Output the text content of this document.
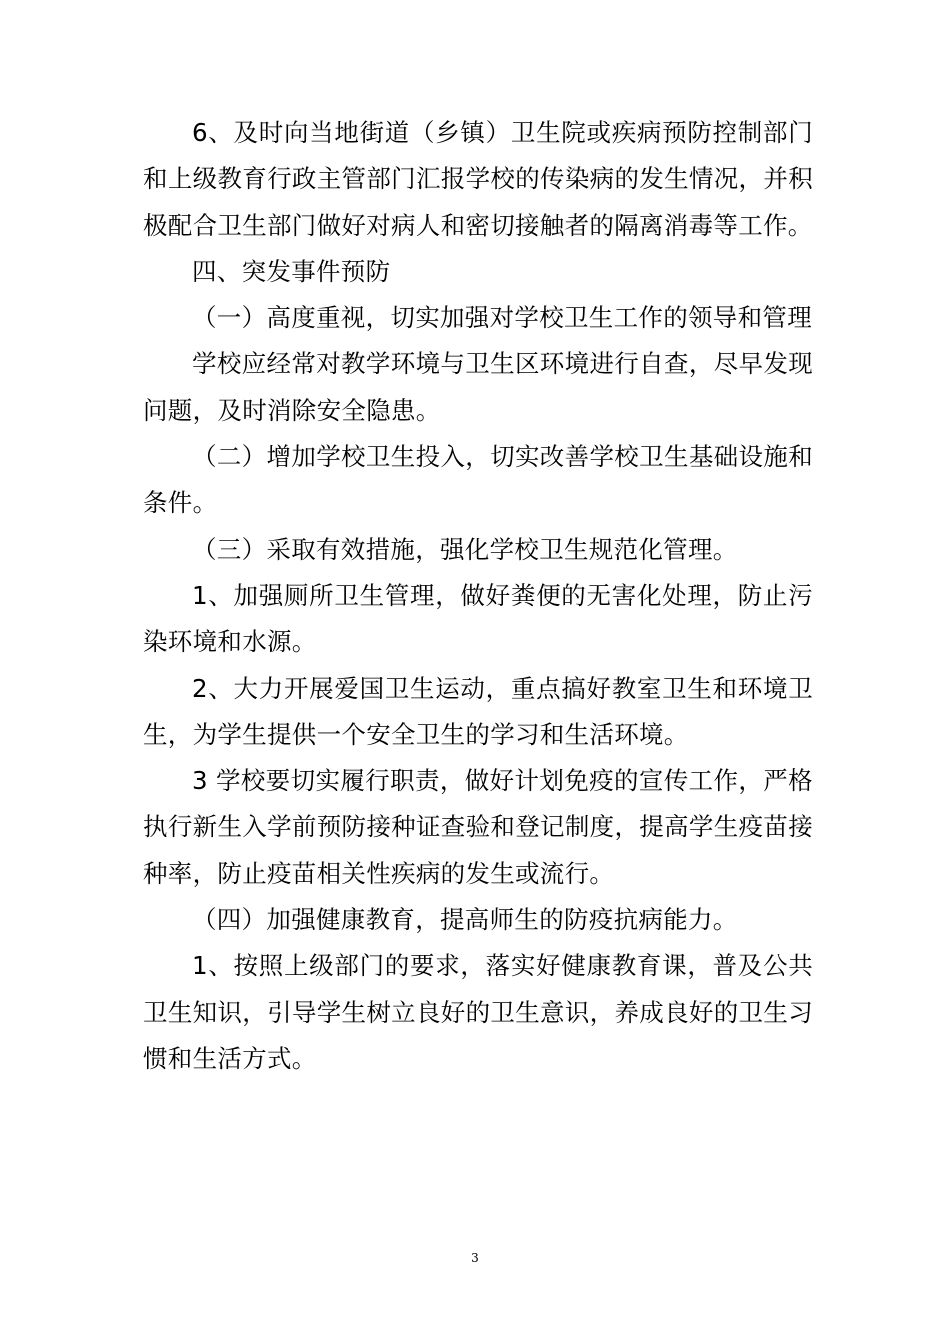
6、及时向当地街道（乡镇）卫生院或疾病预防控制部门和上级教育行政主管部门汇报学校的传染病的发生情况，并积极配合卫生部门做好对病人和密切接触者的隔离消毒等工作。

四、突发事件预防

（一）高度重视，切实加强对学校卫生工作的领导和管理

学校应经常对教学环境与卫生区环境进行自查，尽早发现问题，及时消除安全隐患。

（二）增加学校卫生投入，切实改善学校卫生基础设施和条件。

（三）采取有效措施，强化学校卫生规范化管理。

1、加强厕所卫生管理，做好粪便的无害化处理，防止污染环境和水源。

2、大力开展爱国卫生运动，重点搞好教室卫生和环境卫生，为学生提供一个安全卫生的学习和生活环境。

3 学校要切实履行职责，做好计划免疫的宣传工作，严格执行新生入学前预防接种证查验和登记制度，提高学生疫苗接种率，防止疫苗相关性疾病的发生或流行。

（四）加强健康教育，提高师生的防疫抗病能力。

1、按照上级部门的要求，落实好健康教育课，普及公共卫生知识，引导学生树立良好的卫生意识，养成良好的卫生习惯和生活方式。

3
